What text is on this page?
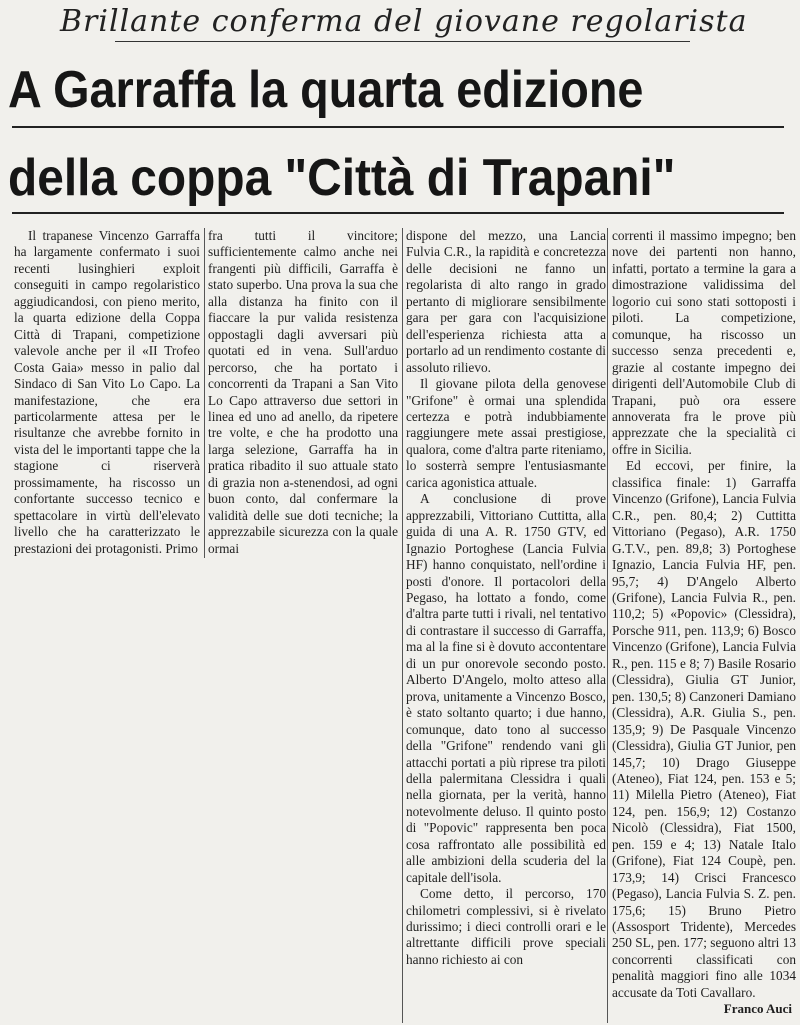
Brillante conferma del giovane regolarista
A Garraffa la quarta edizione
della coppa "Città di Trapani"

Il trapanese Vincenzo Garraffa ha largamente confermato i suoi recenti lusinghieri exploit conseguiti in campo regolaristico aggiudicandosi, con pieno merito, la quarta edizione della Coppa Città di Trapani, competizione valevole anche per il «II Trofeo Costa Gaia» messo in palio dal Sindaco di San Vito Lo Capo. La manifestazione, che era particolarmente attesa per le risultanze che avrebbe fornito in vista del le importanti tappe che la stagione ci riserverà prossimamente, ha riscosso un confortante successo tecnico e spettacolare in virtù dell'elevato livello che ha caratterizzato le prestazioni dei protagonisti. Primo

fra tutti il vincitore; sufficientemente calmo anche nei frangenti più difficili, Garraffa è stato superbo. Una prova la sua che alla distanza ha finito con il fiaccare la pur valida resistenza oppostagli dagli avversari più quotati ed in vena. Sull'arduo percorso, che ha portato i concorrenti da Trapani a San Vito Lo Capo attraverso due settori in linea ed uno ad anello, da ripetere tre volte, e che ha prodotto una larga selezione, Garraffa ha in pratica ribadito il suo attuale stato di grazia non a-stenendosi, ad ogni buon conto, dal confermare la validità delle sue doti tecniche; la apprezzabile sicurezza con la quale ormai

dispone del mezzo, una Lancia Fulvia C.R., la rapidità e concretezza delle decisioni ne fanno un regolarista di alto rango in grado pertanto di migliorare sensibilmente gara per gara con l'acquisizione dell'esperienza richiesta atta a portarlo ad un rendimento costante di assoluto rilievo.

Il giovane pilota della genovese "Grifone" è ormai una splendida certezza e potrà indubbiamente raggiungere mete assai prestigiose, qualora, come d'altra parte riteniamo, lo sosterrà sempre l'entusiasmante carica agonistica attuale.

A conclusione di prove apprezzabili, Vittoriano Cuttitta, alla guida di una A. R. 1750 GTV, ed Ignazio Portoghese (Lancia Fulvia HF) hanno conquistato, nell'ordine i posti d'onore. Il portacolori della Pegaso, ha lottato a fondo, come d'altra parte tutti i rivali, nel tentativo di contrastare il successo di Garraffa, ma al la fine si è dovuto accontentare di un pur onorevole secondo posto. Alberto D'Angelo, molto atteso alla prova, unitamente a Vincenzo Bosco, è stato soltanto quarto; i due hanno, comunque, dato tono al successo della "Grifone" rendendo vani gli attacchi portati a più riprese tra piloti della palermitana Clessidra i quali nella giornata, per la verità, hanno notevolmente deluso. Il quinto posto di "Popovic" rappresenta ben poca cosa raffrontato alle possibilità ed alle ambizioni della scuderia del la capitale dell'isola.

Come detto, il percorso, 170 chilometri complessivi, si è rivelato durissimo; i dieci controlli orari e le altrettante difficili prove speciali hanno richiesto ai con

correnti il massimo impegno; ben nove dei partenti non hanno, infatti, portato a termine la gara a dimostrazione validissima del logorio cui sono stati sottoposti i piloti. La competizione, comunque, ha riscosso un successo senza precedenti e, grazie al costante impegno dei dirigenti dell'Automobile Club di Trapani, può ora essere annoverata fra le prove più apprezzate che la specialità ci offre in Sicilia.

Ed eccovi, per finire, la classifica finale: 1) Garraffa Vincenzo (Grifone), Lancia Fulvia C.R., pen. 80,4; 2) Cuttitta Vittoriano (Pegaso), A.R. 1750 G.T.V., pen. 89,8; 3) Portoghese Ignazio, Lancia Fulvia HF, pen. 95,7; 4) D'Angelo Alberto (Grifone), Lancia Fulvia R., pen. 110,2; 5) «Popovic» (Clessidra), Porsche 911, pen. 113,9; 6) Bosco Vincenzo (Grifone), Lancia Fulvia R., pen. 115 e 8; 7) Basile Rosario (Clessidra), Giulia GT Junior, pen. 130,5; 8) Canzoneri Damiano (Clessidra), A.R. Giulia S., pen. 135,9; 9) De Pasquale Vincenzo (Clessidra), Giulia GT Junior, pen 145,7; 10) Drago Giuseppe (Ateneo), Fiat 124, pen. 153 e 5; 11) Milella Pietro (Ateneo), Fiat 124, pen. 156,9; 12) Costanzo Nicolò (Clessidra), Fiat 1500, pen. 159 e 4; 13) Natale Italo (Grifone), Fiat 124 Coupè, pen. 173,9; 14) Crisci Francesco (Pegaso), Lancia Fulvia S. Z. pen. 175,6; 15) Bruno Pietro (Assosport Tridente), Mercedes 250 SL, pen. 177; seguono altri 13 concorrenti classificati con penalità maggiori fino alle 1034 accusate da Toti Cavallaro.

Franco Auci
